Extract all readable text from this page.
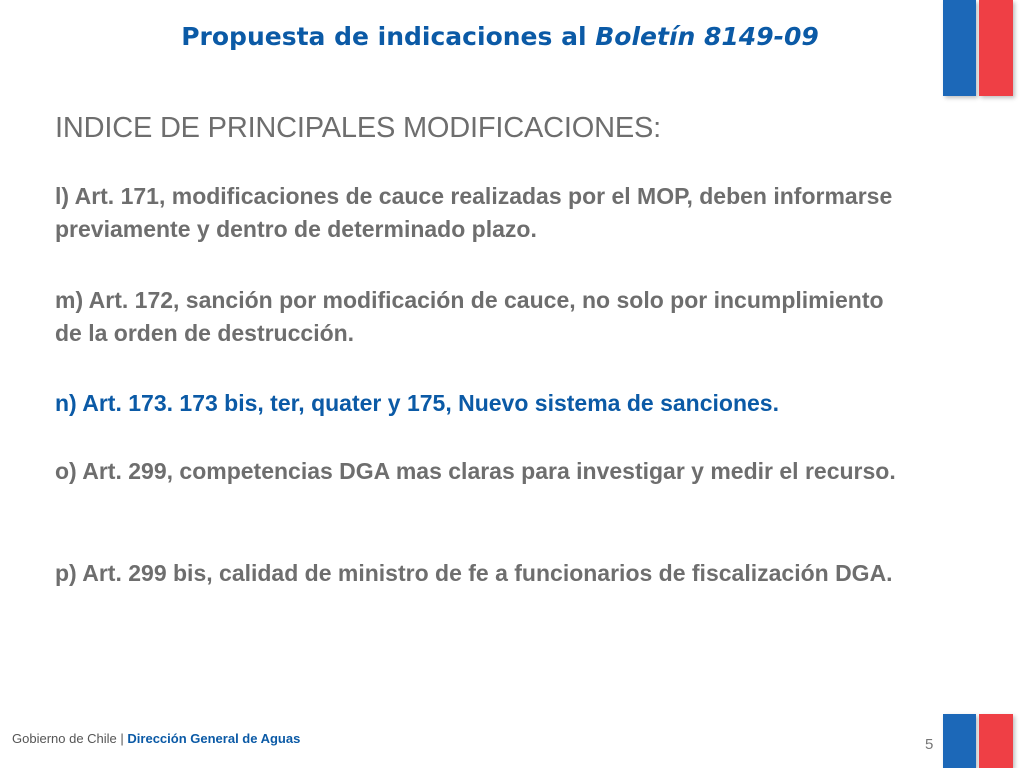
Propuesta de indicaciones al Boletín 8149-09
INDICE DE PRINCIPALES MODIFICACIONES:

l) Art. 171, modificaciones de cauce realizadas por el MOP, deben informarse previamente y dentro de determinado plazo.

m) Art. 172, sanción por modificación de cauce, no solo por incumplimiento de la orden de destrucción.

n) Art. 173. 173 bis, ter, quater y 175, Nuevo sistema de sanciones.

o) Art. 299, competencias DGA mas claras para investigar y medir el recurso.

p) Art. 299 bis, calidad de ministro de fe a funcionarios de fiscalización DGA.

Gobierno de Chile | Dirección General de Aguas	5
